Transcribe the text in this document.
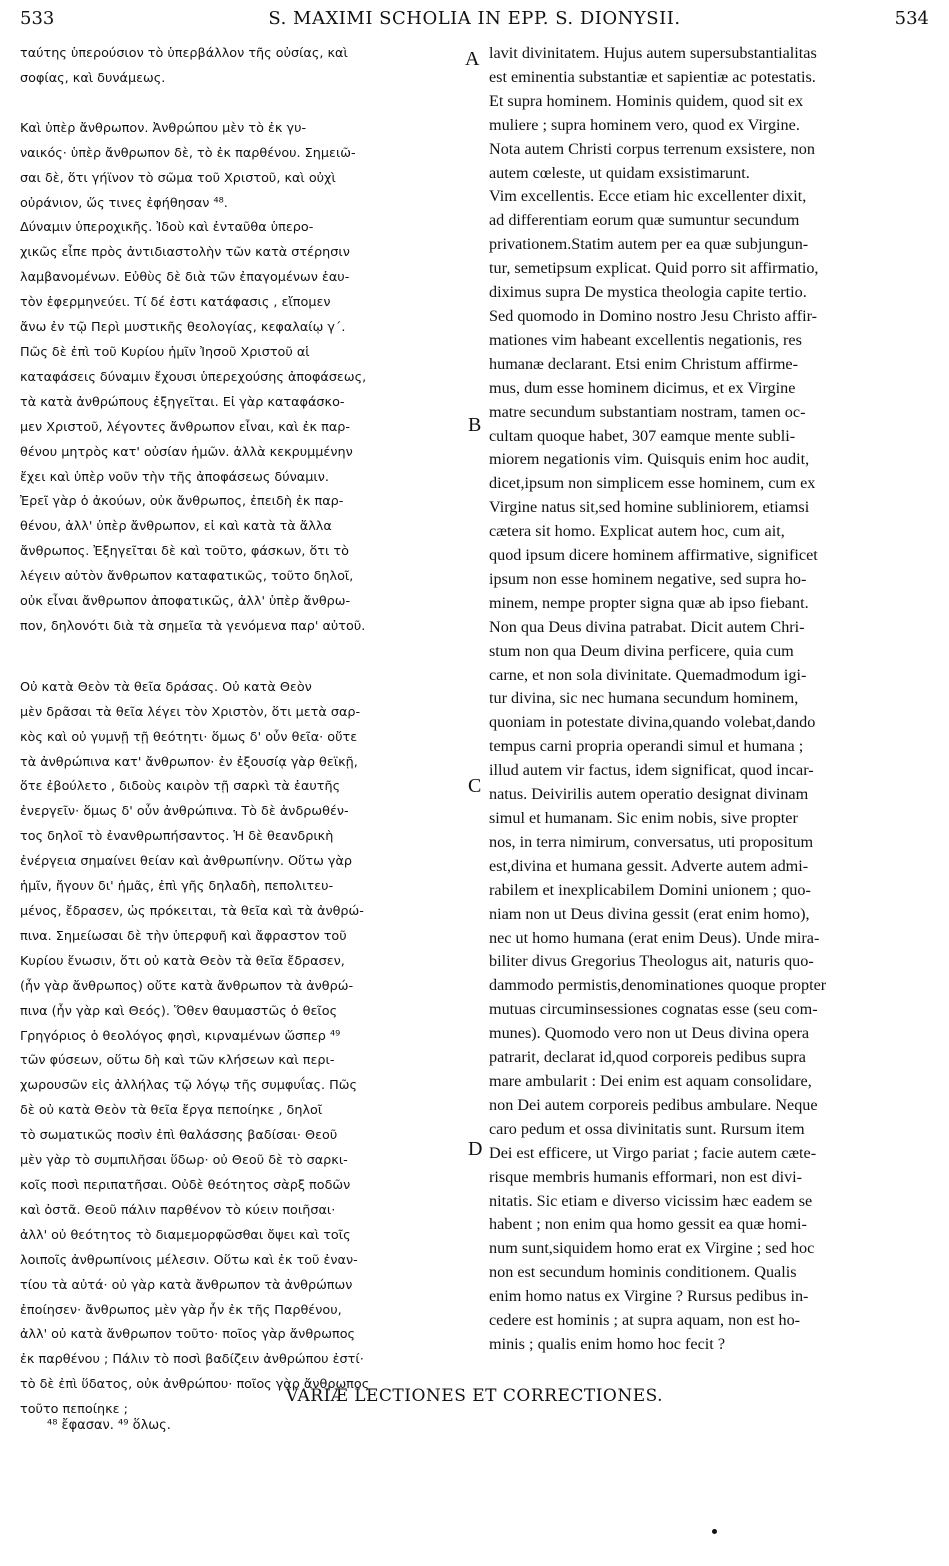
533	S. MAXIMI SCHOLIA IN EPP. S. DIONYSII.	534

ταύτης ὑπερούσιον τὸ ὑπερβάλλον τῆς οὐσίας, καὶ
σοφίας, καὶ δυνάμεως.

Καὶ ὑπὲρ ἄνθρωπον. Ἀνθρώπου μὲν τὸ ἐκ γυ-
ναικός· ὑπὲρ ἄνθρωπον δὲ, τὸ ἐκ παρθένου. Σημειῶ-
σαι δὲ, ὅτι γήϊνον τὸ σῶμα τοῦ Χριστοῦ, καὶ οὐχὶ
οὐράνιον, ὥς τινες ἐφήθησαν ⁴⁸.
Δύναμιν ὑπεροχικῆς. Ἰδοὺ καὶ ἐνταῦθα ὑπερο-
χικῶς εἶπε πρὸς ἀντιδιαστολὴν τῶν κατὰ στέρησιν
λαμβανομένων. Εὐθὺς δὲ διὰ τῶν ἐπαγομένων ἑαυ-
τὸν ἑφερμηνεύει. Τί δέ ἐστι κατάφασις , εἴπομεν
ἄνω ἐν τῷ Περὶ μυστικῆς θεολογίας, κεφαλαίῳ γ΄.
Πῶς δὲ ἐπὶ τοῦ Κυρίου ἡμῖν Ἰησοῦ Χριστοῦ αἱ
καταφάσεις δύναμιν ἔχουσι ὑπερεχούσης ἀποφάσεως,
τὰ κατὰ ἀνθρώπους ἐξηγεῖται. Εἰ γὰρ καταφάσκο-
μεν Χριστοῦ, λέγοντες ἄνθρωπον εἶναι, καὶ ἐκ παρ-
θένου μητρὸς κατ' οὐσίαν ἡμῶν. ἀλλὰ κεκρυμμένην
ἔχει καὶ ὑπὲρ νοῦν τὴν τῆς ἀποφάσεως δύναμιν.
Ἐρεῖ γὰρ ὁ ἀκούων, οὐκ ἄνθρωπος, ἐπειδὴ ἐκ παρ-
θένου, ἀλλ' ὑπὲρ ἄνθρωπον, εἰ καὶ κατὰ τὰ ἄλλα
ἄνθρωπος. Ἐξηγεῖται δὲ καὶ τοῦτο, φάσκων, ὅτι τὸ
λέγειν αὐτὸν ἄνθρωπον καταφατικῶς, τοῦτο δηλοῖ,
οὐκ εἶναι ἄνθρωπον ἀποφατικῶς, ἀλλ' ὑπὲρ ἄνθρω-
πον, δηλονότι διὰ τὰ σημεῖα τὰ γενόμενα παρ' αὐτοῦ.

Οὐ κατὰ Θεὸν τὰ θεῖα δράσας. Οὐ κατὰ Θεὸν
μὲν δρᾶσαι τὰ θεῖα λέγει τὸν Χριστὸν, ὅτι μετὰ σαρ-
κὸς καὶ οὐ γυμνῇ τῇ θεότητι· ὅμως δ' οὖν θεῖα· οὔτε
τὰ ἀνθρώπινα κατ' ἄνθρωπον· ἐν ἐξουσίᾳ γὰρ θεϊκῇ,
ὅτε ἐβούλετο , διδοὺς καιρὸν τῇ σαρκὶ τὰ ἑαυτῆς
ἐνεργεῖν· ὅμως δ' οὖν ἀνθρώπινα. Τὸ δὲ ἀνδρωθέν-
τος δηλοῖ τὸ ἐνανθρωπήσαντος. Ἡ δὲ θεανδρικὴ
ἐνέργεια σημαίνει θείαν καὶ ἀνθρωπίνην. Οὕτω γὰρ
ἡμῖν, ἤγουν δι' ἡμᾶς, ἐπὶ γῆς δηλαδὴ, πεπολιτευ-
μένος, ἔδρασεν, ὡς πρόκειται, τὰ θεῖα καὶ τὰ ἀνθρώ-
πινα. Σημείωσαι δὲ τὴν ὑπερφυῆ καὶ ἄφραστον τοῦ
Κυρίου ἕνωσιν, ὅτι οὐ κατὰ Θεὸν τὰ θεῖα ἔδρασεν,
(ἦν γὰρ ἄνθρωπος) οὔτε κατὰ ἄνθρωπον τὰ ἀνθρώ-
πινα (ἦν γὰρ καὶ Θεός). Ὅθεν θαυμαστῶς ὁ θεῖος
Γρηγόριος ὁ θεολόγος φησὶ, κιρναμένων ὥσπερ ⁴⁹
τῶν φύσεων, οὕτω δὴ καὶ τῶν κλήσεων καὶ περι-
χωρουσῶν εἰς ἀλλήλας τῷ λόγῳ τῆς συμφυΐας. Πῶς
δὲ οὐ κατὰ Θεὸν τὰ θεῖα ἔργα πεποίηκε , δηλοῖ
τὸ σωματικῶς ποσὶν ἐπὶ θαλάσσης βαδίσαι· Θεοῦ
μὲν γὰρ τὸ συμπιλῆσαι ὕδωρ· οὐ Θεοῦ δὲ τὸ σαρκι-
κοῖς ποσὶ περιπατῆσαι. Οὐδὲ θεότητος σὰρξ ποδῶν
καὶ ὀστᾶ. Θεοῦ πάλιν παρθένον τὸ κύειν ποιῆσαι·
ἀλλ' οὐ θεότητος τὸ διαμεμορφῶσθαι ὄψει καὶ τοῖς
λοιποῖς ἀνθρωπίνοις μέλεσιν. Οὕτω καὶ ἐκ τοῦ ἐναν-
τίου τὰ αὐτά· οὐ γὰρ κατὰ ἄνθρωπον τὰ ἀνθρώπων
ἐποίησεν· ἄνθρωπος μὲν γὰρ ἦν ἐκ τῆς Παρθένου,
ἀλλ' οὐ κατὰ ἄνθρωπον τοῦτο· ποῖος γὰρ ἄνθρωπος
ἐκ παρθένου ; Πάλιν τὸ ποσὶ βαδίζειν ἀνθρώπου ἐστί·
τὸ δὲ ἐπὶ ὕδατος, οὐκ ἀνθρώπου· ποῖος γὰρ ἄνθρωπος
τοῦτο πεποίηκε ;

lavit divinitatem. Hujus autem supersubstantialitas
est eminentia substantiæ et sapientiæ ac potestatis.
Et supra hominem. Hominis quidem, quod sit ex
muliere ; supra hominem vero, quod ex Virgine.
Nota autem Christi corpus terrenum exsistere, non
autem cœleste, ut quidam exsistimarunt.
Vim excellentis. Ecce etiam hic excellenter dixit,
ad differentiam eorum quæ sumuntur secundum
privationem.Statim autem per ea quæ subjungun-
tur, semetipsum explicat. Quid porro sit affirmatio,
diximus supra De mystica theologia capite tertio.
Sed quomodo in Domino nostro Jesu Christo affir-
mationes vim habeant excellentis negationis, res
humanæ declarant. Etsi enim Christum affirme-
mus, dum esse hominem dicimus, et ex Virgine
matre secundum substantiam nostram, tamen oc-
cultam quoque habet, 307 eamque mente subli-
miorem negationis vim. Quisquis enim hoc audit,
dicet,ipsum non simplicem esse hominem, cum ex
Virgine natus sit,sed homine subliniorem, etiamsi
cætera sit homo. Explicat autem hoc, cum ait,
quod ipsum dicere hominem affirmative, significet
ipsum non esse hominem negative, sed supra ho-
minem, nempe propter signa quæ ab ipso fiebant.
Non qua Deus divina patrabat. Dicit autem Chri-
stum non qua Deum divina perficere, quia cum
carne, et non sola divinitate. Quemadmodum igi-
tur divina, sic nec humana secundum hominem,
quoniam in potestate divina,quando volebat,dando
tempus carni propria operandi simul et humana ;
illud autem vir factus, idem significat, quod incar-
natus. Deivirilis autem operatio designat divinam
simul et humanam. Sic enim nobis, sive propter
nos, in terra nimirum, conversatus, uti propositum
est,divina et humana gessit. Adverte autem admi-
rabilem et inexplicabilem Domini unionem ; quo-
niam non ut Deus divina gessit (erat enim homo),
nec ut homo humana (erat enim Deus). Unde mira-
biliter divus Gregorius Theologus ait, naturis quo-
dammodo permistis,denominationes quoque propter
mutuas circuminsessiones cognatas esse (seu com-
munes). Quomodo vero non ut Deus divina opera
patrarit, declarat id,quod corporeis pedibus supra
mare ambularit : Dei enim est aquam consolidare,
non Dei autem corporeis pedibus ambulare. Neque
caro pedum et ossa divinitatis sunt. Rursum item
Dei est efficere, ut Virgo pariat ; facie autem cæte-
risque membris humanis efformari, non est divi-
nitatis. Sic etiam e diverso vicissim hæc eadem se
habent ; non enim qua homo gessit ea quæ homi-
num sunt,siquidem homo erat ex Virgine ; sed hoc
non est secundum hominis conditionem. Qualis
enim homo natus ex Virgine ? Rursus pedibus in-
cedere est hominis ; at supra aquam, non est ho-
minis ; qualis enim homo hoc fecit ?

A
B
C
D
VARIÆ LECTIONES ET CORRECTIONES.
⁴⁸ ἔφασαν. ⁴⁹ ὅλως.
